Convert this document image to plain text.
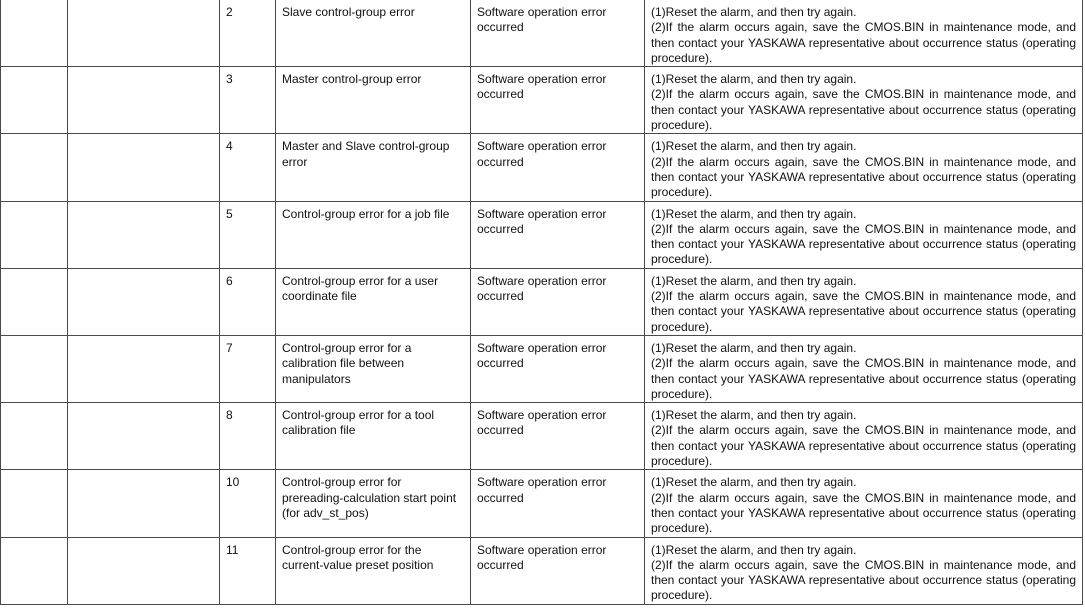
		2	Slave control-group error	Software operation error occurred	(1)Reset the alarm, and then try again.
(2)If the alarm occurs again, save the CMOS.BIN in maintenance mode, and then contact your YASKAWA representative about occurrence status (operating procedure).

		3	Master control-group error	Software operation error occurred	(1)Reset the alarm, and then try again.
(2)If the alarm occurs again, save the CMOS.BIN in maintenance mode, and then contact your YASKAWA representative about occurrence status (operating procedure).

		4	Master and Slave control-group error	Software operation error occurred	(1)Reset the alarm, and then try again.
(2)If the alarm occurs again, save the CMOS.BIN in maintenance mode, and then contact your YASKAWA representative about occurrence status (operating procedure).

		5	Control-group error for a job file	Software operation error occurred	(1)Reset the alarm, and then try again.
(2)If the alarm occurs again, save the CMOS.BIN in maintenance mode, and then contact your YASKAWA representative about occurrence status (operating procedure).

		6	Control-group error for a user coordinate file	Software operation error occurred	(1)Reset the alarm, and then try again.
(2)If the alarm occurs again, save the CMOS.BIN in maintenance mode, and then contact your YASKAWA representative about occurrence status (operating procedure).

		7	Control-group error for a calibration file between manipulators	Software operation error occurred	(1)Reset the alarm, and then try again.
(2)If the alarm occurs again, save the CMOS.BIN in maintenance mode, and then contact your YASKAWA representative about occurrence status (operating procedure).

		8	Control-group error for a tool calibration file	Software operation error occurred	(1)Reset the alarm, and then try again.
(2)If the alarm occurs again, save the CMOS.BIN in maintenance mode, and then contact your YASKAWA representative about occurrence status (operating procedure).

		10	Control-group error for prereading-calculation start point (for adv_st_pos)	Software operation error occurred	(1)Reset the alarm, and then try again.
(2)If the alarm occurs again, save the CMOS.BIN in maintenance mode, and then contact your YASKAWA representative about occurrence status (operating procedure).

		11	Control-group error for the current-value preset position	Software operation error occurred	(1)Reset the alarm, and then try again.
(2)If the alarm occurs again, save the CMOS.BIN in maintenance mode, and then contact your YASKAWA representative about occurrence status (operating procedure).
